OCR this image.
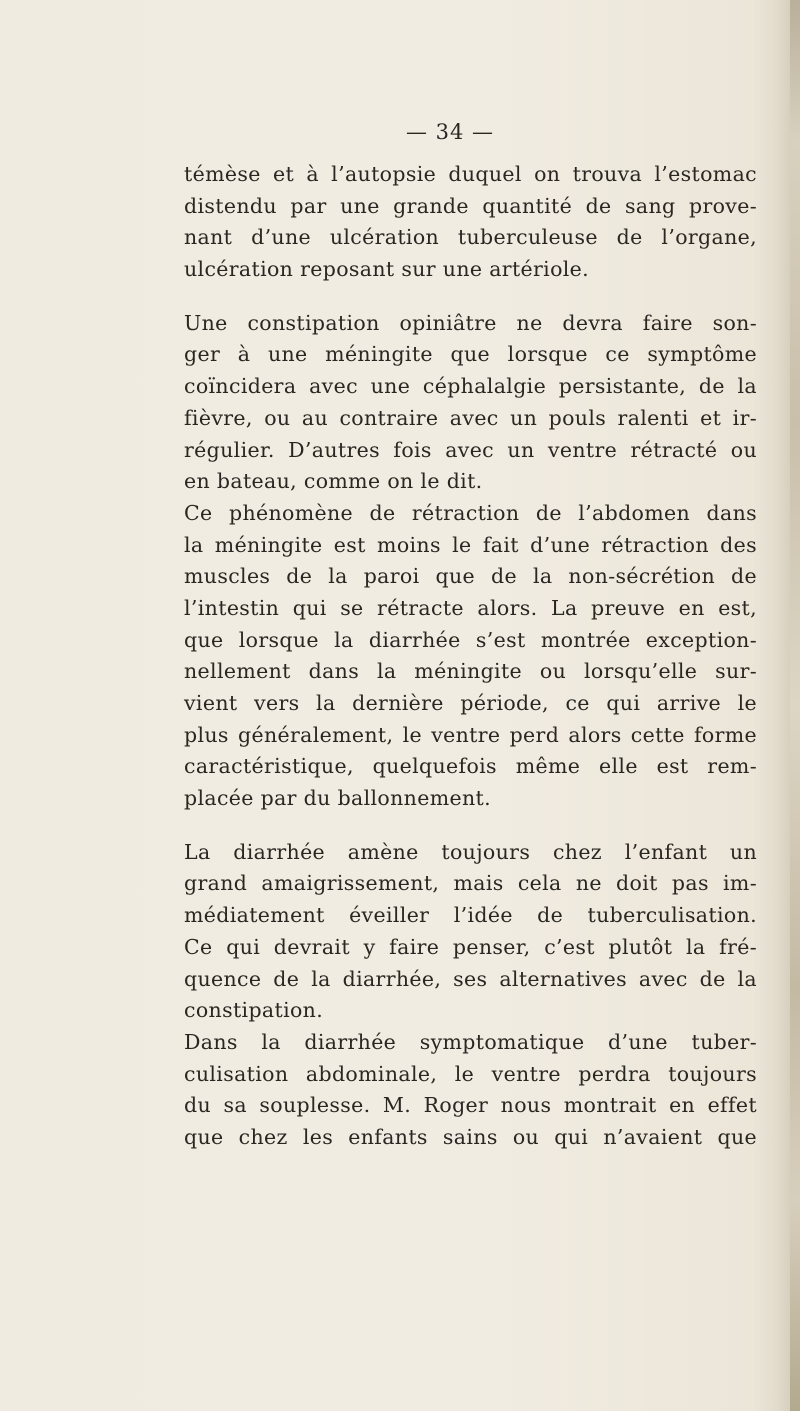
— 34 —
témèse et à l’autopsie duquel on trouva l’estomac
distendu par une grande quantité de sang prove-
nant d’une ulcération tuberculeuse de l’organe,
ulcération reposant sur une artériole.
Une constipation opiniâtre ne devra faire son-
ger à une méningite que lorsque ce symptôme
coïncidera avec une céphalalgie persistante, de la
fièvre, ou au contraire avec un pouls ralenti et ir-
régulier. D’autres fois avec un ventre rétracté ou
en bateau, comme on le dit.
Ce phénomène de rétraction de l’abdomen dans
la méningite est moins le fait d’une rétraction des
muscles de la paroi que de la non-sécrétion de
l’intestin qui se rétracte alors. La preuve en est,
que lorsque la diarrhée s’est montrée exception-
nellement dans la méningite ou lorsqu’elle sur-
vient vers la dernière période, ce qui arrive le
plus généralement, le ventre perd alors cette forme
caractéristique, quelquefois même elle est rem-
placée par du ballonnement.
La diarrhée amène toujours chez l’enfant un
grand amaigrissement, mais cela ne doit pas im-
médiatement éveiller l’idée de tuberculisation.
Ce qui devrait y faire penser, c’est plutôt la fré-
quence de la diarrhée, ses alternatives avec de la
constipation.
Dans la diarrhée symptomatique d’une tuber-
culisation abdominale, le ventre perdra toujours
du sa souplesse. M. Roger nous montrait en effet
que chez les enfants sains ou qui n’avaient que
